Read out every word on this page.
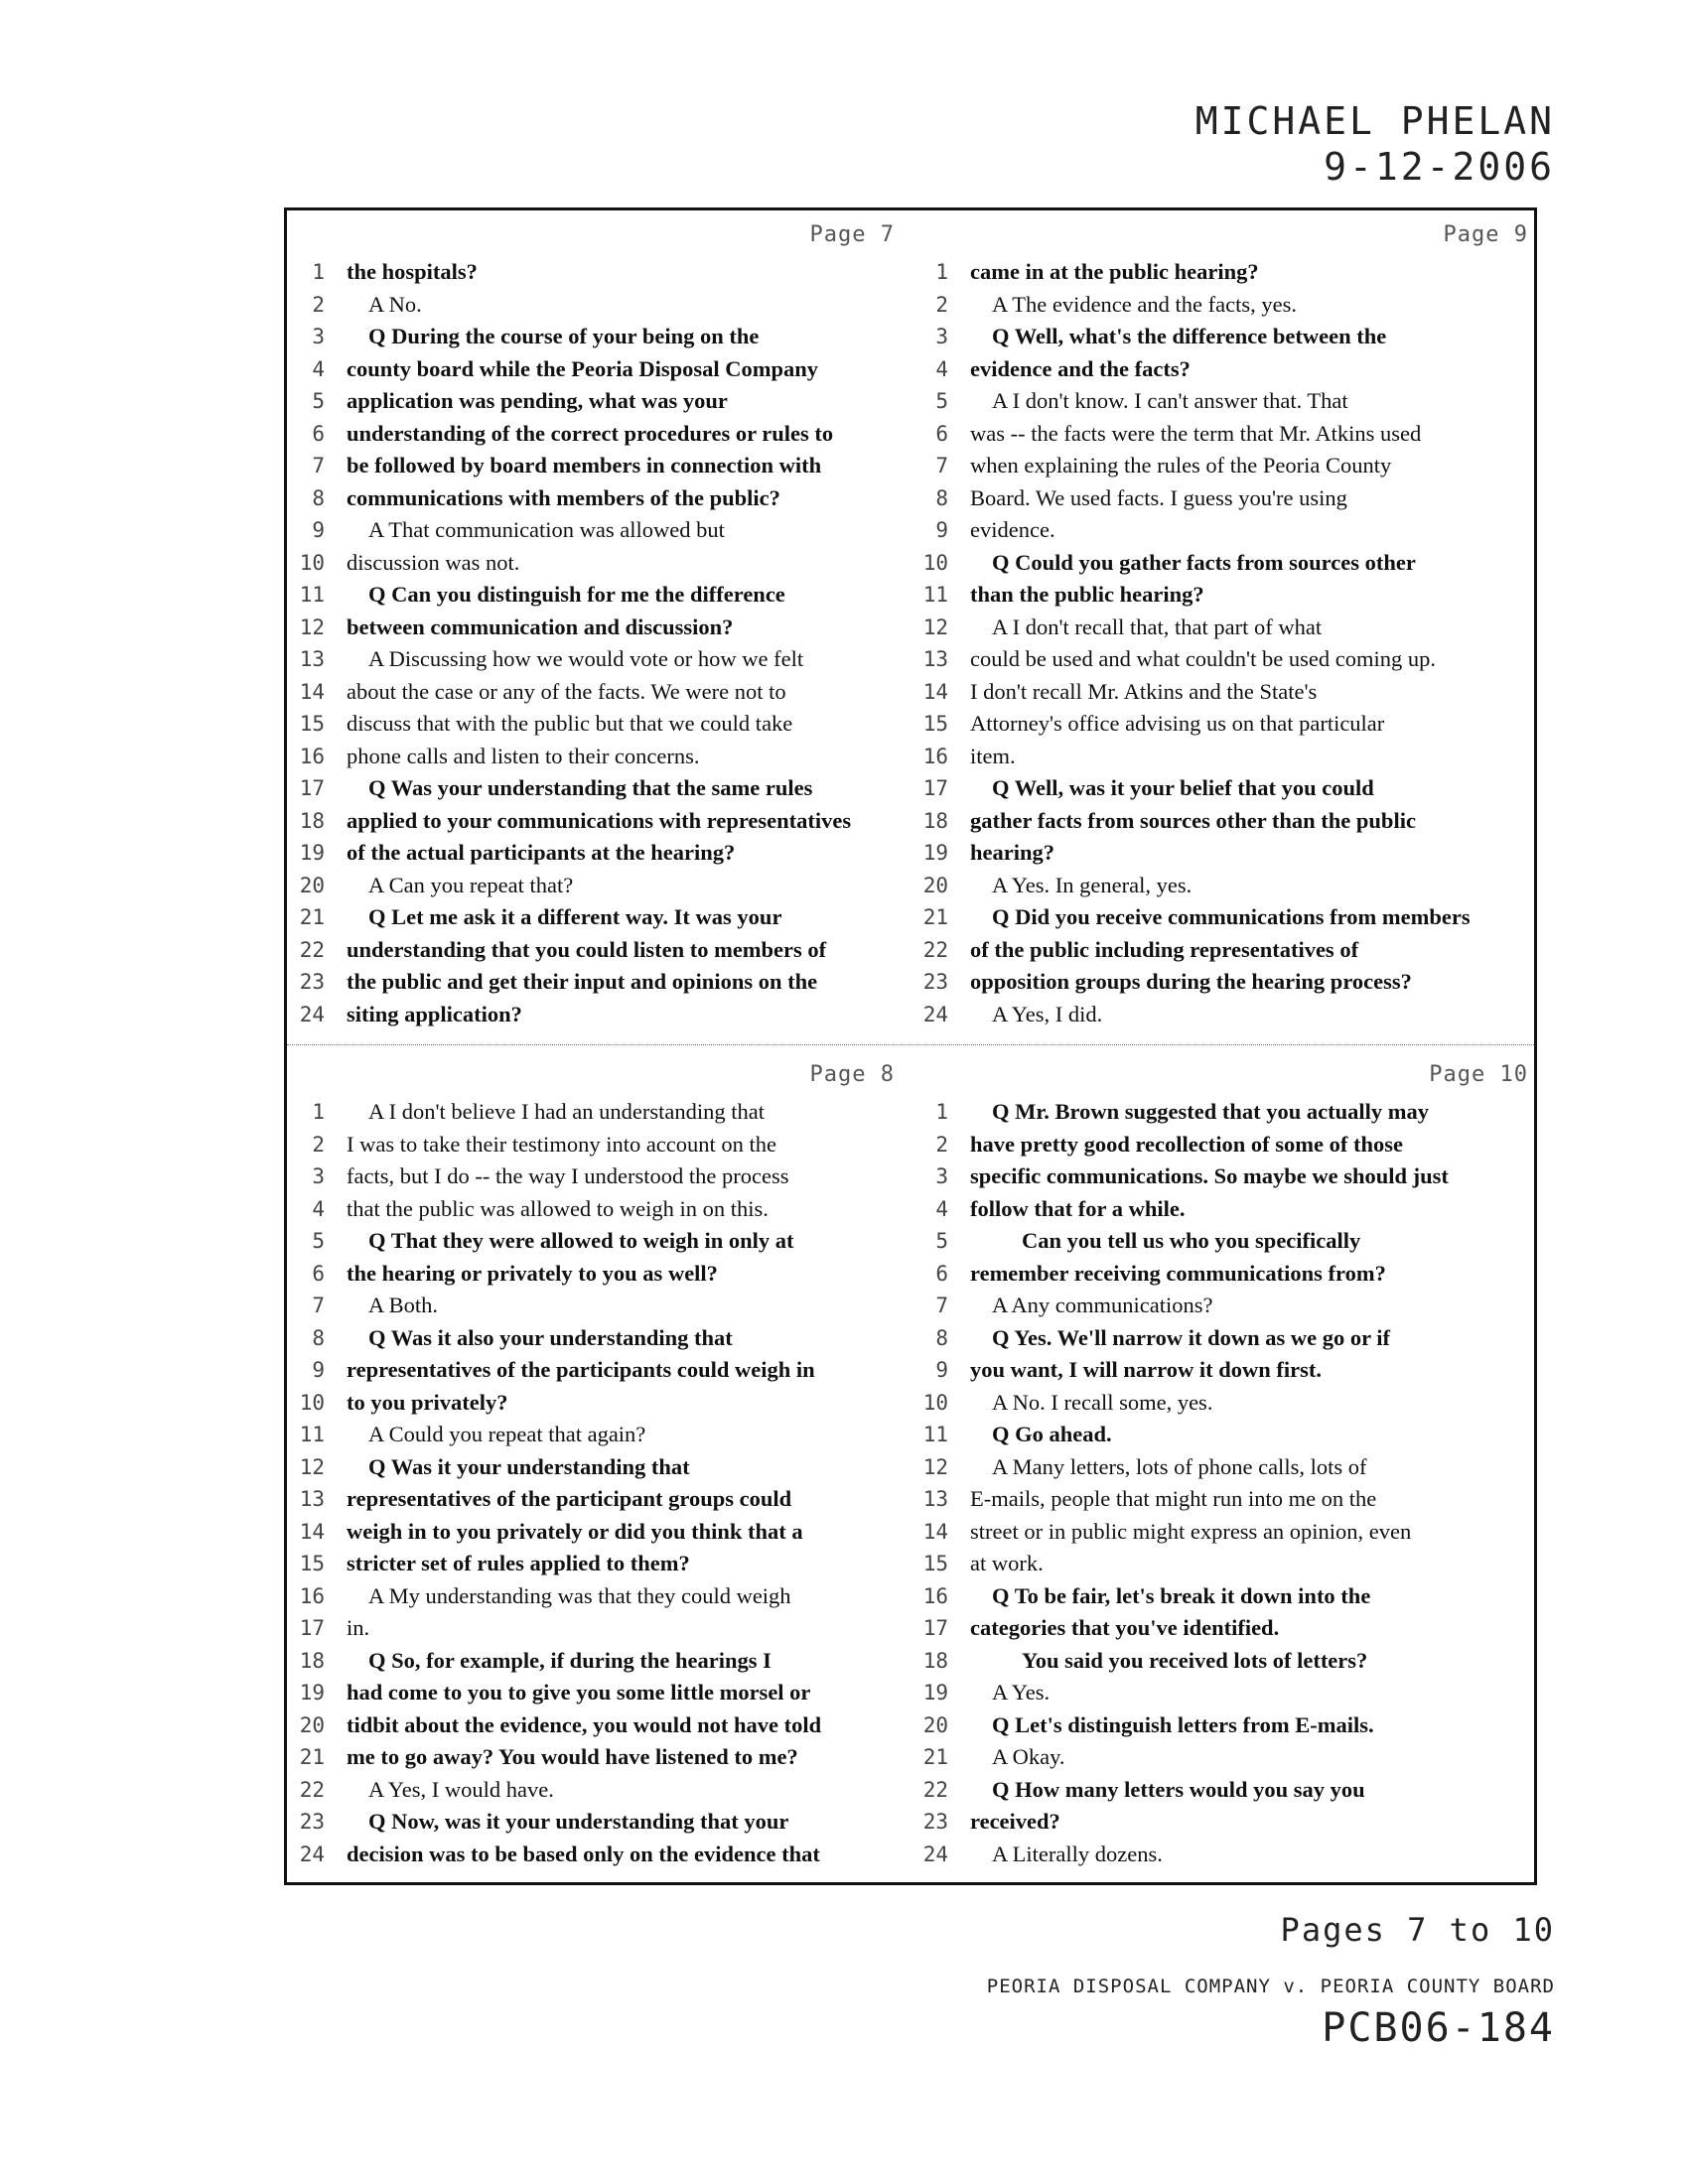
MICHAEL PHELAN
9-12-2006
Page 7
1 the hospitals?
2	A No.
3	Q During the course of your being on the
4 county board while the Peoria Disposal Company
5 application was pending, what was your
6 understanding of the correct procedures or rules to
7 be followed by board members in connection with
8 communications with members of the public?
9	A That communication was allowed but
10 discussion was not.
11	Q Can you distinguish for me the difference
12 between communication and discussion?
13	A Discussing how we would vote or how we felt
14 about the case or any of the facts. We were not to
15 discuss that with the public but that we could take
16 phone calls and listen to their concerns.
17	Q Was your understanding that the same rules
18 applied to your communications with representatives
19 of the actual participants at the hearing?
20	A Can you repeat that?
21	Q Let me ask it a different way. It was your
22 understanding that you could listen to members of
23 the public and get their input and opinions on the
24 siting application?
Page 9
1 came in at the public hearing?
2	A The evidence and the facts, yes.
3	Q Well, what's the difference between the
4 evidence and the facts?
5	A I don't know. I can't answer that. That
6 was -- the facts were the term that Mr. Atkins used
7 when explaining the rules of the Peoria County
8 Board. We used facts. I guess you're using
9 evidence.
10	Q Could you gather facts from sources other
11 than the public hearing?
12	A I don't recall that, that part of what
13 could be used and what couldn't be used coming up.
14 I don't recall Mr. Atkins and the State's
15 Attorney's office advising us on that particular
16 item.
17	Q Well, was it your belief that you could
18 gather facts from sources other than the public
19 hearing?
20	A Yes. In general, yes.
21	Q Did you receive communications from members
22 of the public including representatives of
23 opposition groups during the hearing process?
24	A Yes, I did.
Page 8
1	A I don't believe I had an understanding that
2 I was to take their testimony into account on the
3 facts, but I do -- the way I understood the process
4 that the public was allowed to weigh in on this.
5	Q That they were allowed to weigh in only at
6 the hearing or privately to you as well?
7	A Both.
8	Q Was it also your understanding that
9 representatives of the participants could weigh in
10 to you privately?
11	A Could you repeat that again?
12	Q Was it your understanding that
13 representatives of the participant groups could
14 weigh in to you privately or did you think that a
15 stricter set of rules applied to them?
16	A My understanding was that they could weigh
17 in.
18	Q So, for example, if during the hearings I
19 had come to you to give you some little morsel or
20 tidbit about the evidence, you would not have told
21 me to go away? You would have listened to me?
22	A Yes, I would have.
23	Q Now, was it your understanding that your
24 decision was to be based only on the evidence that
Page 10
1	Q Mr. Brown suggested that you actually may
2 have pretty good recollection of some of those
3 specific communications. So maybe we should just
4 follow that for a while.
5	Can you tell us who you specifically
6 remember receiving communications from?
7	A Any communications?
8	Q Yes. We'll narrow it down as we go or if
9 you want, I will narrow it down first.
10	A No. I recall some, yes.
11	Q Go ahead.
12	A Many letters, lots of phone calls, lots of
13 E-mails, people that might run into me on the
14 street or in public might express an opinion, even
15 at work.
16	Q To be fair, let's break it down into the
17 categories that you've identified.
18	You said you received lots of letters?
19	A Yes.
20	Q Let's distinguish letters from E-mails.
21	A Okay.
22	Q How many letters would you say you
23 received?
24	A Literally dozens.
Pages 7 to 10
PEORIA DISPOSAL COMPANY v. PEORIA COUNTY BOARD
PCB06-184
